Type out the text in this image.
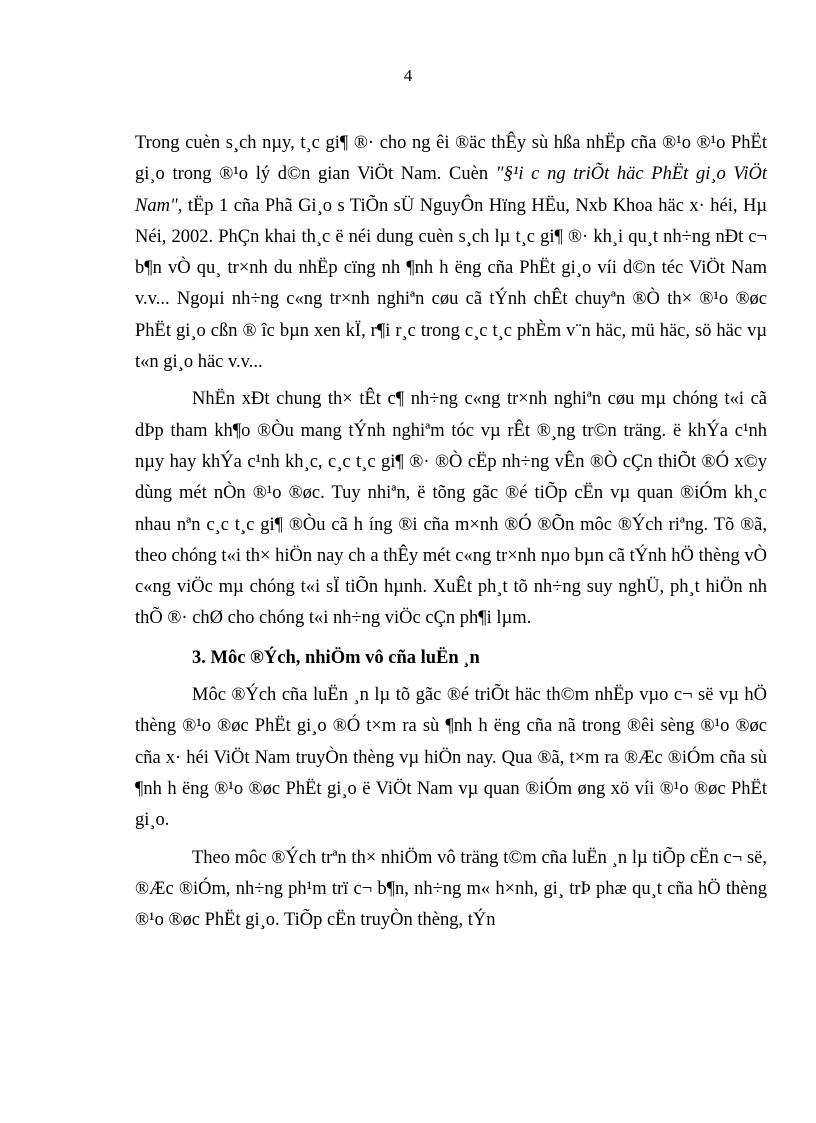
4

Trong cuèn s¸ch nµy, t¸c gi¶ ®· cho ng êi ®äc thÊy sù hßa nhËp cña ®¹o ®¹o PhËt gi¸o trong ®¹o lý d©n gian ViÖt Nam. Cuèn "§¹i c ng triÕt häc PhËt gi¸o ViÖt Nam", tËp 1 cña Phã Gi¸o s TiÕn sÜ NguyÔn Hïng HËu, Nxb Khoa häc x· héi, Hµ Néi, 2002. PhÇn khai th¸c ë néi dung cuèn s¸ch lµ t¸c gi¶ ®· kh¸i qu¸t nh÷ng nÐt c¬ b¶n vÒ qu¸ tr×nh du nhËp cïng nh ¶nh h ëng cña PhËt gi¸o víi d©n téc ViÖt Nam v.v... Ngoµi nh÷ng c«ng tr×nh nghiªn cøu cã tÝnh chÊt chuyªn ®Ò th× ®¹o ®øc PhËt gi¸o cßn ® îc bµn xen kÏ, r¶i r¸c trong c¸c t¸c phÈm v¨n häc, mü häc, sö häc vµ t«n gi¸o häc v.v...

NhËn xÐt chung th× tÊt c¶ nh÷ng c«ng tr×nh nghiªn cøu mµ chóng t«i cã dÞp tham kh¶o ®Òu mang tÝnh nghiªm tóc vµ rÊt ®¸ng tr©n träng. ë khÝa c¹nh nµy hay khÝa c¹nh kh¸c, c¸c t¸c gi¶ ®· ®Ò cËp nh÷ng vÊn ®Ò cÇn thiÕt ®Ó x©y dùng mét nÒn ®¹o ®øc. Tuy nhiªn, ë tõng gãc ®é tiÕp cËn vµ quan ®iÓm kh¸c nhau nªn c¸c t¸c gi¶ ®Òu cã h íng ®i cña m×nh ®Ó ®Õn môc ®Ých riªng. Tõ ®ã, theo chóng t«i th× hiÖn nay ch a thÊy mét c«ng tr×nh nµo bµn cã tÝnh hÖ thèng vÒ c«ng viÖc mµ chóng t«i sÏ tiÕn hµnh. XuÊt ph¸t tõ nh÷ng suy nghÜ, ph¸t hiÖn nh thÕ ®· chØ cho chóng t«i nh÷ng viÖc cÇn ph¶i lµm.

3. Môc ®Ých, nhiÖm vô cña luËn ¸n

Môc ®Ých cña luËn ¸n lµ tõ gãc ®é triÕt häc th©m nhËp vµo c¬ së vµ hÖ thèng ®¹o ®øc PhËt gi¸o ®Ó t×m ra sù ¶nh h ëng cña nã trong ®êi sèng ®¹o ®øc cña x· héi ViÖt Nam truyÒn thèng vµ hiÖn nay. Qua ®ã, t×m ra ®Æc ®iÓm cña sù ¶nh h ëng ®¹o ®øc PhËt gi¸o ë ViÖt Nam vµ quan ®iÓm øng xö víi ®¹o ®øc PhËt gi¸o.

Theo môc ®Ých trªn th× nhiÖm vô träng t©m cña luËn ¸n lµ tiÕp cËn c¬ së, ®Æc ®iÓm, nh÷ng ph¹m trï c¬ b¶n, nh÷ng m« h×nh, gi¸ trÞ phæ qu¸t cña hÖ thèng ®¹o ®øc PhËt gi¸o. TiÕp cËn truyÒn thèng, tÝn
